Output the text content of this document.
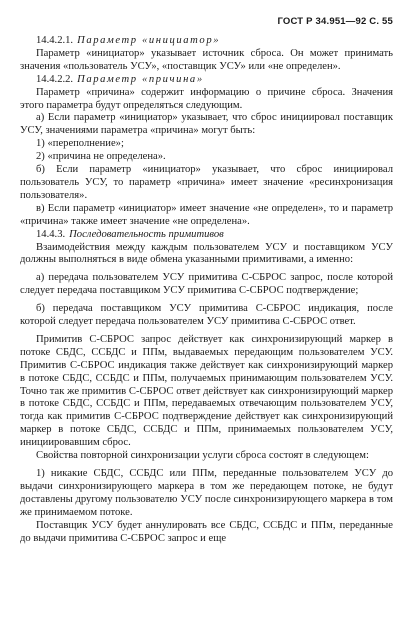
ГОСТ Р 34.951—92 С. 55

14.4.2.1. Параметр «инициатор»

Параметр «инициатор» указывает источник сброса. Он может принимать значения «пользователь УСУ», «поставщик УСУ» или «не определен».

14.4.2.2. Параметр «причина»

Параметр «причина» содержит информацию о причине сброса. Значения этого параметра будут определяться следующим.

а) Если параметр «инициатор» указывает, что сброс инициировал поставщик УСУ, значениями параметра «причина» могут быть:

1) «переполнение»;

2) «причина не определена».

б) Если параметр «инициатор» указывает, что сброс инициировал пользователь УСУ, то параметр «причина» имеет значение «ресинхронизация пользователя».

в) Если параметр «инициатор» имеет значение «не определен», то и параметр «причина» также имеет значение «не определена».

14.4.3. Последовательность примитивов

Взаимодействия между каждым пользователем УСУ и поставщиком УСУ должны выполняться в виде обмена указанными примитивами, а именно:

а) передача пользователем УСУ примитива С-СБРОС запрос, после которой следует передача поставщиком УСУ примитива С-СБРОС подтверждение;

б) передача поставщиком УСУ примитива С-СБРОС индикация, после которой следует передача пользователем УСУ примитива С-СБРОС ответ.

Примитив С-СБРОС запрос действует как синхронизирующий маркер в потоке СБДС, ССБДС и ППм, выдаваемых передающим пользователем УСУ. Примитив С-СБРОС индикация также действует как синхронизирующий маркер в потоке СБДС, ССБДС и ППм, получаемых принимающим пользователем УСУ. Точно так же примитив С-СБРОС ответ действует как синхронизирующий маркер в потоке СБДС, ССБДС и ППм, передаваемых отвечающим пользователем УСУ, тогда как примитив С-СБРОС подтверждение действует как синхронизирующий маркер в потоке СБДС, ССБДС и ППм, принимаемых пользователем УСУ, инициировавшим сброс.

Свойства повторной синхронизации услуги сброса состоят в следующем:

1) никакие СБДС, ССБДС или ППм, переданные пользователем УСУ до выдачи синхронизирующего маркера в том же передающем потоке, не будут доставлены другому пользователю УСУ после синхронизирующего маркера в том же принимаемом потоке.

Поставщик УСУ будет аннулировать все СБДС, ССБДС и ППм, переданные до выдачи примитива С-СБРОС запрос и еще
